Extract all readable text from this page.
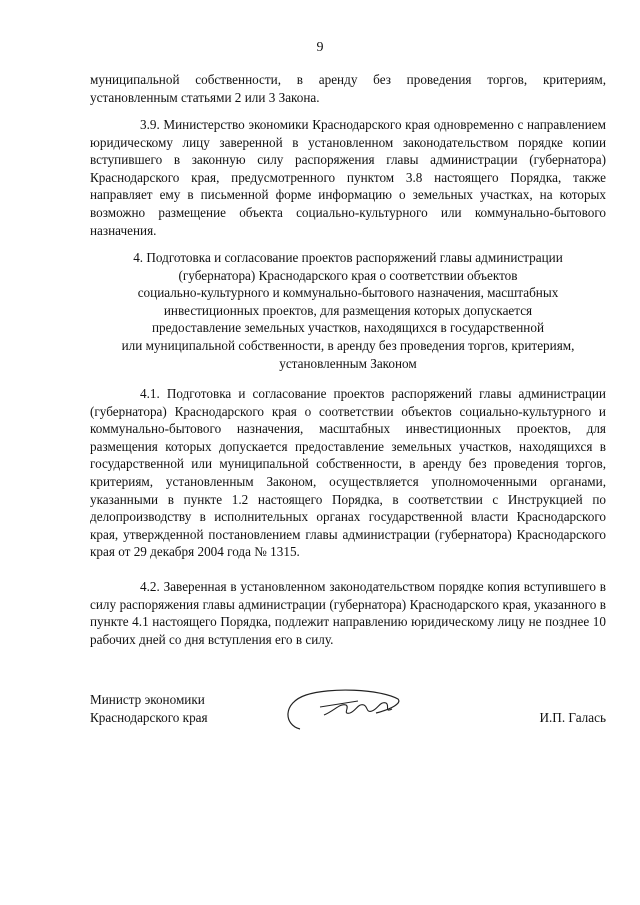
9

муниципальной собственности, в аренду без проведения торгов, критериям, установленным статьями 2 или 3 Закона.

3.9. Министерство экономики Краснодарского края одновременно с направлением юридическому лицу заверенной в установленном законодательством порядке копии вступившего в законную силу распоряжения главы администрации (губернатора) Краснодарского края, предусмотренного пунктом 3.8 настоящего Порядка, также направляет ему в письменной форме информацию о земельных участках, на которых возможно размещение объекта социально-культурного или коммунально-бытового назначения.

4. Подготовка и согласование проектов распоряжений главы администрации
(губернатора) Краснодарского края о соответствии объектов
социально-культурного и коммунально-бытового назначения, масштабных
инвестиционных проектов, для размещения которых допускается
предоставление земельных участков, находящихся в государственной
или муниципальной собственности, в аренду без проведения торгов, критериям,
установленным Законом

4.1. Подготовка и согласование проектов распоряжений главы администрации (губернатора) Краснодарского края о соответствии объектов социально-культурного и коммунально-бытового назначения, масштабных инвестиционных проектов, для размещения которых допускается предоставление земельных участков, находящихся в государственной или муниципальной собственности, в аренду без проведения торгов, критериям, установленным Законом, осуществляется уполномоченными органами, указанными в пункте 1.2 настоящего Порядка, в соответствии с Инструкцией по делопроизводству в исполнительных органах государственной власти Краснодарского края, утвержденной постановлением главы администрации (губернатора) Краснодарского края от 29 декабря 2004 года № 1315.

4.2. Заверенная в установленном законодательством порядке копия вступившего в силу распоряжения главы администрации (губернатора) Краснодарского края, указанного в пункте 4.1 настоящего Порядка, подлежит направлению юридическому лицу не позднее 10 рабочих дней со дня вступления его в силу.

Министр экономики
Краснодарского края	И.П. Галась
